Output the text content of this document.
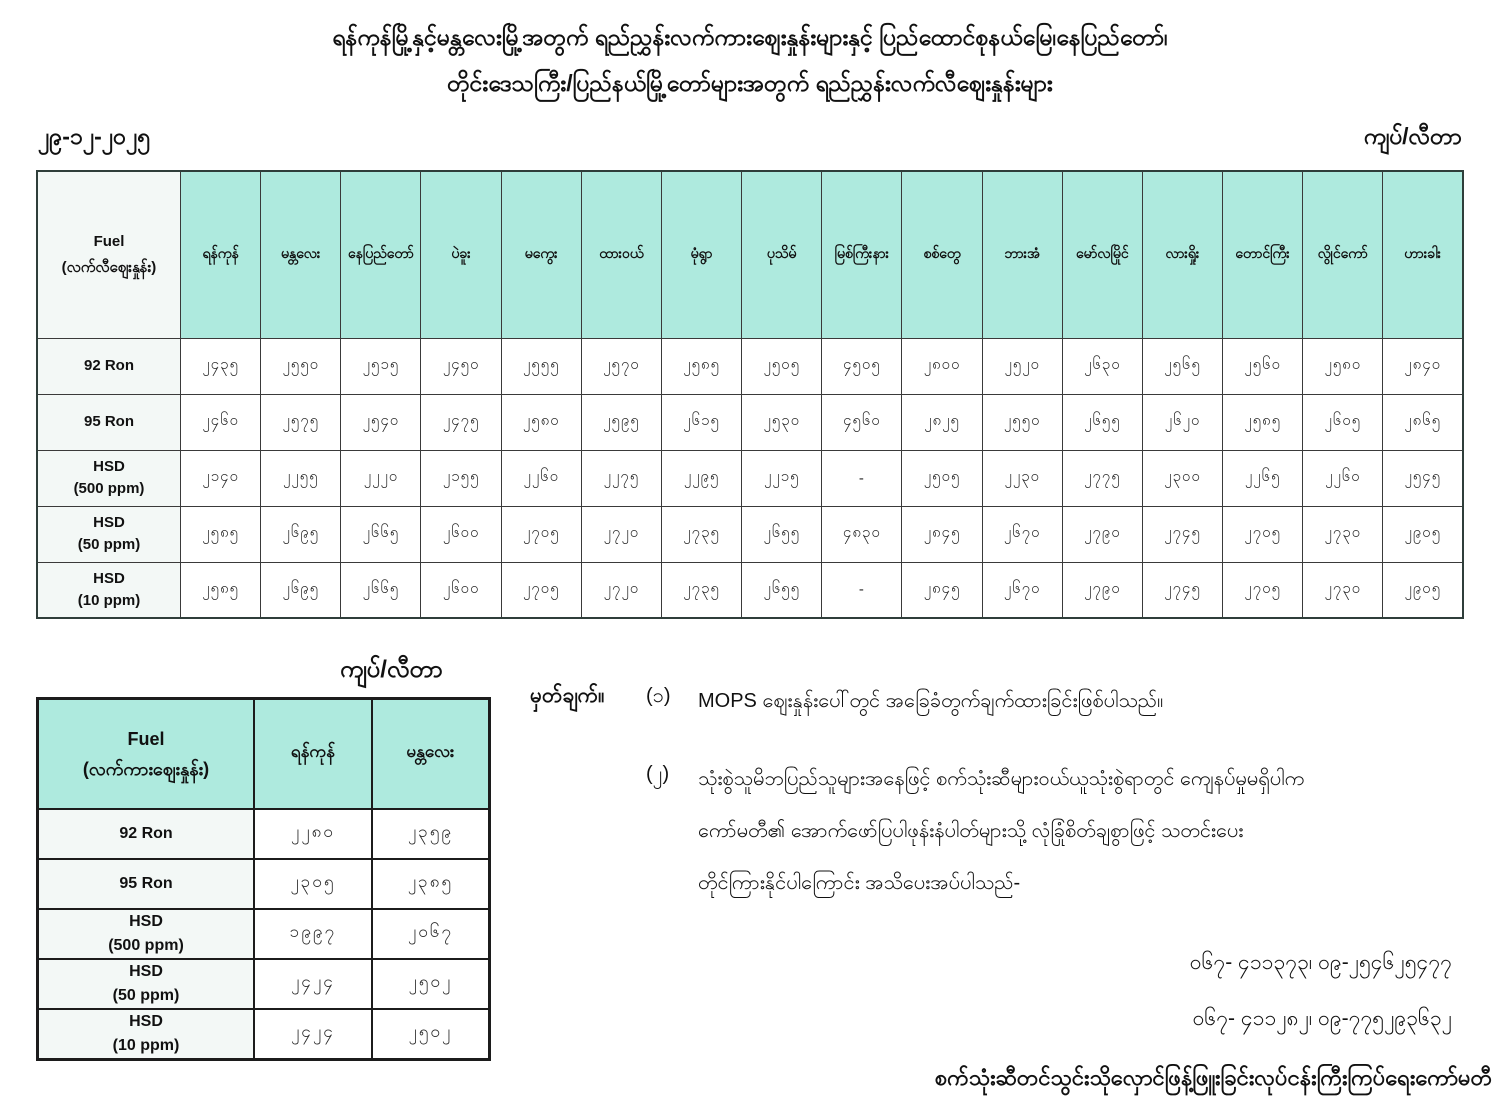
ရန်ကုန်မြို့နှင့်မန္တလေးမြို့အတွက် ရည်ညွှန်းလက်ကားဈေးနှုန်းများနှင့် ပြည်ထောင်စုနယ်မြေ၊နေပြည်တော်၊
တိုင်းဒေသကြီး/ပြည်နယ်မြို့တော်များအတွက် ရည်ညွှန်းလက်လီဈေးနှုန်းများ
၂၉-၁၂-၂၀၂၅	ကျပ်/လီတာ
Fuel
(လက်လီဈေးနှုန်း)	ရန်ကုန်	မန္တလေး	နေပြည်တော်	ပဲခူး	မကွေး	ထားဝယ်	မုံရွာ	ပုသိမ်	မြစ်ကြီးနား	စစ်တွေ	ဘားအံ	မော်လမြိုင်	လားရှိုး	တောင်ကြီး	လွိုင်ကော်	ဟားခါး

92 Ron	၂၄၃၅	၂၅၅၀	၂၅၁၅	၂၄၅၀	၂၅၅၅	၂၅၇၀	၂၅၈၅	၂၅၀၅	၄၅၀၅	၂၈၀၀	၂၅၂၀	၂၆၃၀	၂၅၆၅	၂၅၆၀	၂၅၈၀	၂၈၄၀

95 Ron	၂၄၆၀	၂၅၇၅	၂၅၄၀	၂၄၇၅	၂၅၈၀	၂၅၉၅	၂၆၁၅	၂၅၃၀	၄၅၆၀	၂၈၂၅	၂၅၅၀	၂၆၅၅	၂၆၂၀	၂၅၈၅	၂၆၀၅	၂၈၆၅

HSD
(500 ppm)	၂၁၄၀	၂၂၅၅	၂၂၂၀	၂၁၅၅	၂၂၆၀	၂၂၇၅	၂၂၉၅	၂၂၁၅	-	၂၅၀၅	၂၂၃၀	၂၇၇၅	၂၃၀၀	၂၂၆၅	၂၂၆၀	၂၅၄၅

HSD
(50 ppm)	၂၅၈၅	၂၆၉၅	၂၆၆၅	၂၆၀၀	၂၇၀၅	၂၇၂၀	၂၇၃၅	၂၆၅၅	၄၈၃၀	၂၈၄၅	၂၆၇၀	၂၇၉၀	၂၇၄၅	၂၇၀၅	၂၇၃၀	၂၉၀၅

HSD
(10 ppm)	၂၅၈၅	၂၆၉၅	၂၆၆၅	၂၆၀၀	၂၇၀၅	၂၇၂၀	၂၇၃၅	၂၆၅၅	-	၂၈၄၅	၂၆၇၀	၂၇၉၀	၂၇၄၅	၂၇၀၅	၂၇၃၀	၂၉၀၅
ကျပ်/လီတာ
Fuel
(လက်ကားဈေးနှုန်း)	ရန်ကုန်	မန္တလေး

92 Ron	၂၂၈၀	၂၃၅၉

95 Ron	၂၃၀၅	၂၃၈၅

HSD
(500 ppm)	၁၉၉၇	၂၀၆၇

HSD
(50 ppm)	၂၄၂၄	၂၅၀၂

HSD
(10 ppm)	၂၄၂၄	၂၅၀၂
မှတ်ချက်။	(၁)	MOPS ဈေးနှုန်းပေါ်တွင် အခြေခံတွက်ချက်ထားခြင်းဖြစ်ပါသည်။
(၂)	သုံးစွဲသူမိဘပြည်သူများအနေဖြင့် စက်သုံးဆီများဝယ်ယူသုံးစွဲရာတွင် ကျေနပ်မှုမရှိပါက
ကော်မတီ၏ အောက်ဖော်ပြပါဖုန်းနံပါတ်များသို့ လုံခြုံစိတ်ချစွာဖြင့် သတင်းပေး
တိုင်ကြားနိုင်ပါကြောင်း အသိပေးအပ်ပါသည်-
၀၆၇- ၄၁၁၃၇၃၊ ၀၉-၂၅၄၆၂၅၄၇၇
၀၆၇- ၄၁၁၂၈၂၊ ၀၉-၇၇၅၂၉၃၆၃၂
စက်သုံးဆီတင်သွင်းသိုလှောင်ဖြန့်ဖြူးခြင်းလုပ်ငန်းကြီးကြပ်ရေးကော်မတီ
